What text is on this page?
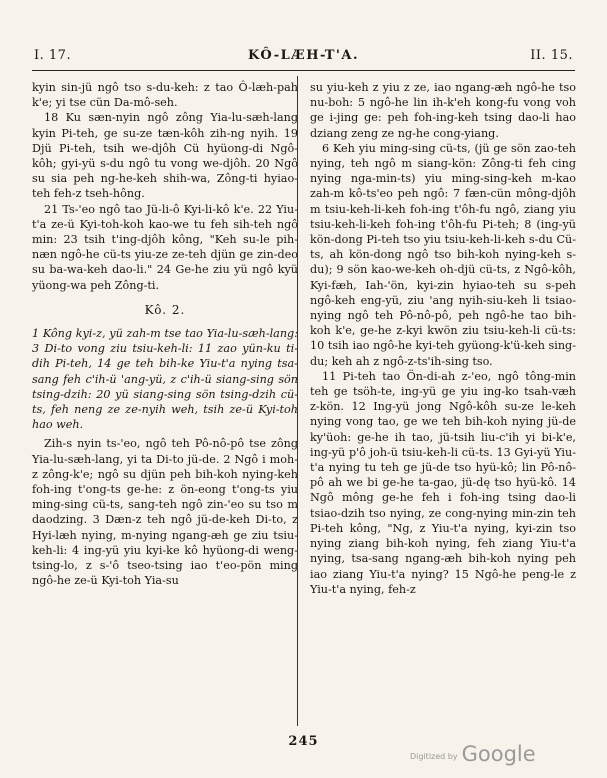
I. 17.	KÔ-LÆH-T'A.	II. 15.

kyin sin-jü ngô tso s-du-keh: z tao Ô-læh-pah k'e; yi tse cün Da-mô-seh.

18 Ku sæn-nyin ngô zông Yia-lu-sæh-lang kyin Pi-teh, ge su-ze tæn-kôh zih-ng nyih. 19 Djü Pi-teh, tsih we-djôh Cü hyüong-di Ngô-kôh; gyi-yü s-du ngô tu vong we-djôh. 20 Ngô su sia peh ng-he-keh shih-wa, Zông-ti hyiao-teh feh-z tseh-hông.

21 Ts-'eo ngô tao Jü-li-ô Kyi-li-kô k'e. 22 Yiu-t'a ze-ü Kyi-toh-koh kao-we tu feh sih-teh ngô min: 23 tsih t'ing-djôh kông, "Keh su-le pih-næn ngô-he cü-ts yiu-ze ze-teh djün ge zin-deo su ba-wa-keh dao-li." 24 Ge-he ziu yü ngô kyü yüong-wa peh Zông-ti.

Kô. 2.

1 Kông kyi-z, yü zah-m tse tao Yia-lu-sæh-lang: 3 Di-to vong ziu tsiu-keh-li: 11 zao yün-ku ti-dih Pi-teh, 14 ge teh bih-ke Yiu-t'a nying tsa-sang feh c'ih-ü 'ang-yü, z c'ih-ü siang-sing sön tsing-dzih: 20 yü siang-sing sön tsing-dzih cü-ts, feh neng ze ze-nyih weh, tsih ze-ü Kyi-toh hao weh.

Zih-s nyin ts-'eo, ngô teh Pô-nô-pô tse zông Yia-lu-sæh-lang, yi ta Di-to jü-de. 2 Ngô i moh-z zông-k'e; ngô su djün peh bih-koh nying-keh foh-ing t'ong-ts ge-he: z ön-eong t'ong-ts yiu ming-sing cü-ts, sang-teh ngô zin-'eo su tso m daodzing. 3 Dæn-z teh ngô jü-de-keh Di-to, z Hyi-læh nying, m-nying ngang-æh ge ziu tsiu-keh-li: 4 ing-yü yiu kyi-ke kô hyüong-di weng-tsing-lo, z s-'ô tseo-tsing iao t'eo-pön ming ngô-he ze-ü Kyi-toh Yia-su

su yiu-keh z yiu z ze, iao ngang-æh ngô-he tso nu-boh: 5 ngô-he lin ih-k'eh kong-fu vong voh ge i-jing ge: peh foh-ing-keh tsing dao-li hao dziang zeng ze ng-he cong-yiang.

6 Keh yiu ming-sing cü-ts, (jü ge sön zao-teh nying, teh ngô m siang-kön: Zông-ti feh cing nying nga-min-ts) yiu ming-sing-keh m-kao zah-m kô-ts'eo peh ngô: 7 fæn-cün mông-djôh m tsiu-keh-li-keh foh-ing t'ôh-fu ngô, ziang yiu tsiu-keh-li-keh foh-ing t'ôh-fu Pi-teh; 8 (ing-yü kön-dong Pi-teh tso yiu tsiu-keh-li-keh s-du Cü-ts, ah kön-dong ngô tso bih-koh nying-keh s-du); 9 sön kao-we-keh oh-djü cü-ts, z Ngô-kôh, Kyi-fæh, Iah-'ön, kyi-zin hyiao-teh su s-peh ngô-keh eng-yü, ziu 'ang nyih-siu-keh li tsiao-nying ngô teh Pô-nô-pô, peh ngô-he tao bih-koh k'e, ge-he z-kyi kwön ziu tsiu-keh-li cü-ts: 10 tsih iao ngô-he kyi-teh gyüong-k'ü-keh sing-du; keh ah z ngô-z-ts'ih-sing tso.

11 Pi-teh tao Ön-di-ah z-'eo, ngô tông-min teh ge tsöh-te, ing-yü ge yiu ing-ko tsah-væh z-kön. 12 Ing-yü jong Ngô-kôh su-ze le-keh nying vong tao, ge we teh bih-koh nying jü-de ky'üoh: ge-he ih tao, jü-tsih liu-c'ih yi bi-k'e, ing-yü p'ô joh-ü tsiu-keh-li cü-ts. 13 Gyi-yü Yiu-t'a nying tu teh ge jü-de tso hyü-kô; lin Pô-nô-pô ah we bi ge-he ta-gao, jü-dę tso hyü-kô. 14 Ngô mông ge-he feh i foh-ing tsing dao-li tsiao-dzih tso nying, ze cong-nying min-zin teh Pi-teh kông, "Ng, z Yiu-t'a nying, kyi-zin tso nying ziang bih-koh nying, feh ziang Yiu-t'a nying, tsa-sang ngang-æh bih-koh nying peh iao ziang Yiu-t'a nying? 15 Ngô-he peng-le z Yiu-t'a nying, feh-z

245
Digitized by Google
